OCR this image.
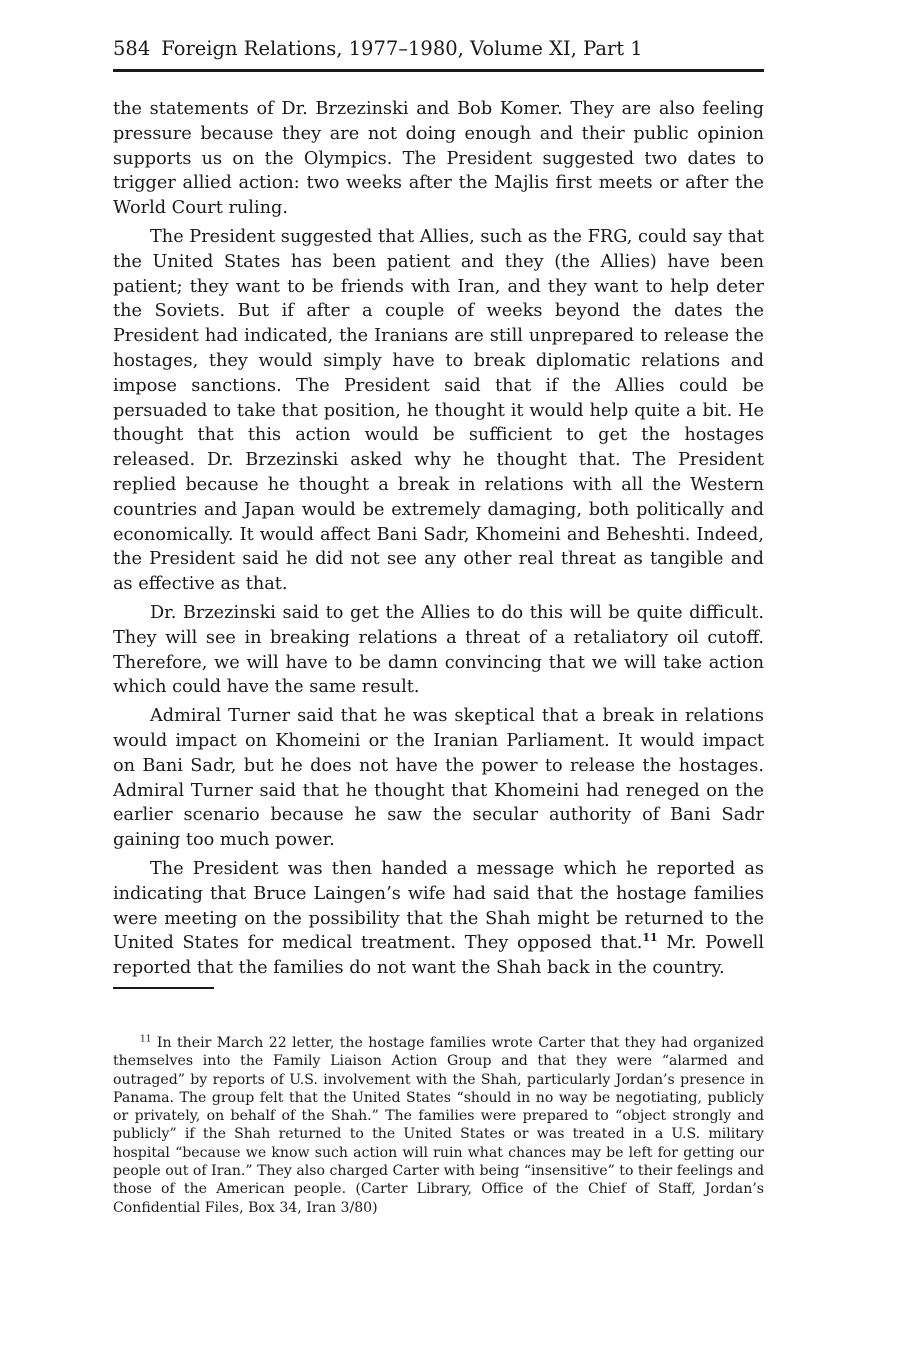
584 Foreign Relations, 1977–1980, Volume XI, Part 1

the statements of Dr. Brzezinski and Bob Komer. They are also feeling pressure because they are not doing enough and their public opinion supports us on the Olympics. The President suggested two dates to trigger allied action: two weeks after the Majlis first meets or after the World Court ruling.

The President suggested that Allies, such as the FRG, could say that the United States has been patient and they (the Allies) have been patient; they want to be friends with Iran, and they want to help deter the Soviets. But if after a couple of weeks beyond the dates the President had indicated, the Iranians are still unprepared to release the hostages, they would simply have to break diplomatic relations and impose sanctions. The President said that if the Allies could be persuaded to take that position, he thought it would help quite a bit. He thought that this action would be sufficient to get the hostages released. Dr. Brzezinski asked why he thought that. The President replied because he thought a break in relations with all the Western countries and Japan would be extremely damaging, both politically and economically. It would affect Bani Sadr, Khomeini and Beheshti. Indeed, the President said he did not see any other real threat as tangible and as effective as that.

Dr. Brzezinski said to get the Allies to do this will be quite difficult. They will see in breaking relations a threat of a retaliatory oil cutoff. Therefore, we will have to be damn convincing that we will take action which could have the same result.

Admiral Turner said that he was skeptical that a break in relations would impact on Khomeini or the Iranian Parliament. It would impact on Bani Sadr, but he does not have the power to release the hostages. Admiral Turner said that he thought that Khomeini had reneged on the earlier scenario because he saw the secular authority of Bani Sadr gaining too much power.

The President was then handed a message which he reported as indicating that Bruce Laingen’s wife had said that the hostage families were meeting on the possibility that the Shah might be returned to the United States for medical treatment. They opposed that.$^{11}$ Mr. Powell reported that the families do not want the Shah back in the country.

$^{11}$ In their March 22 letter, the hostage families wrote Carter that they had organized themselves into the Family Liaison Action Group and that they were “alarmed and outraged” by reports of U.S. involvement with the Shah, particularly Jordan’s presence in Panama. The group felt that the United States “should in no way be negotiating, publicly or privately, on behalf of the Shah.” The families were prepared to “object strongly and publicly” if the Shah returned to the United States or was treated in a U.S. military hospital “because we know such action will ruin what chances may be left for getting our people out of Iran.” They also charged Carter with being “insensitive” to their feelings and those of the American people. (Carter Library, Office of the Chief of Staff, Jordan’s Confidential Files, Box 34, Iran 3/80)
